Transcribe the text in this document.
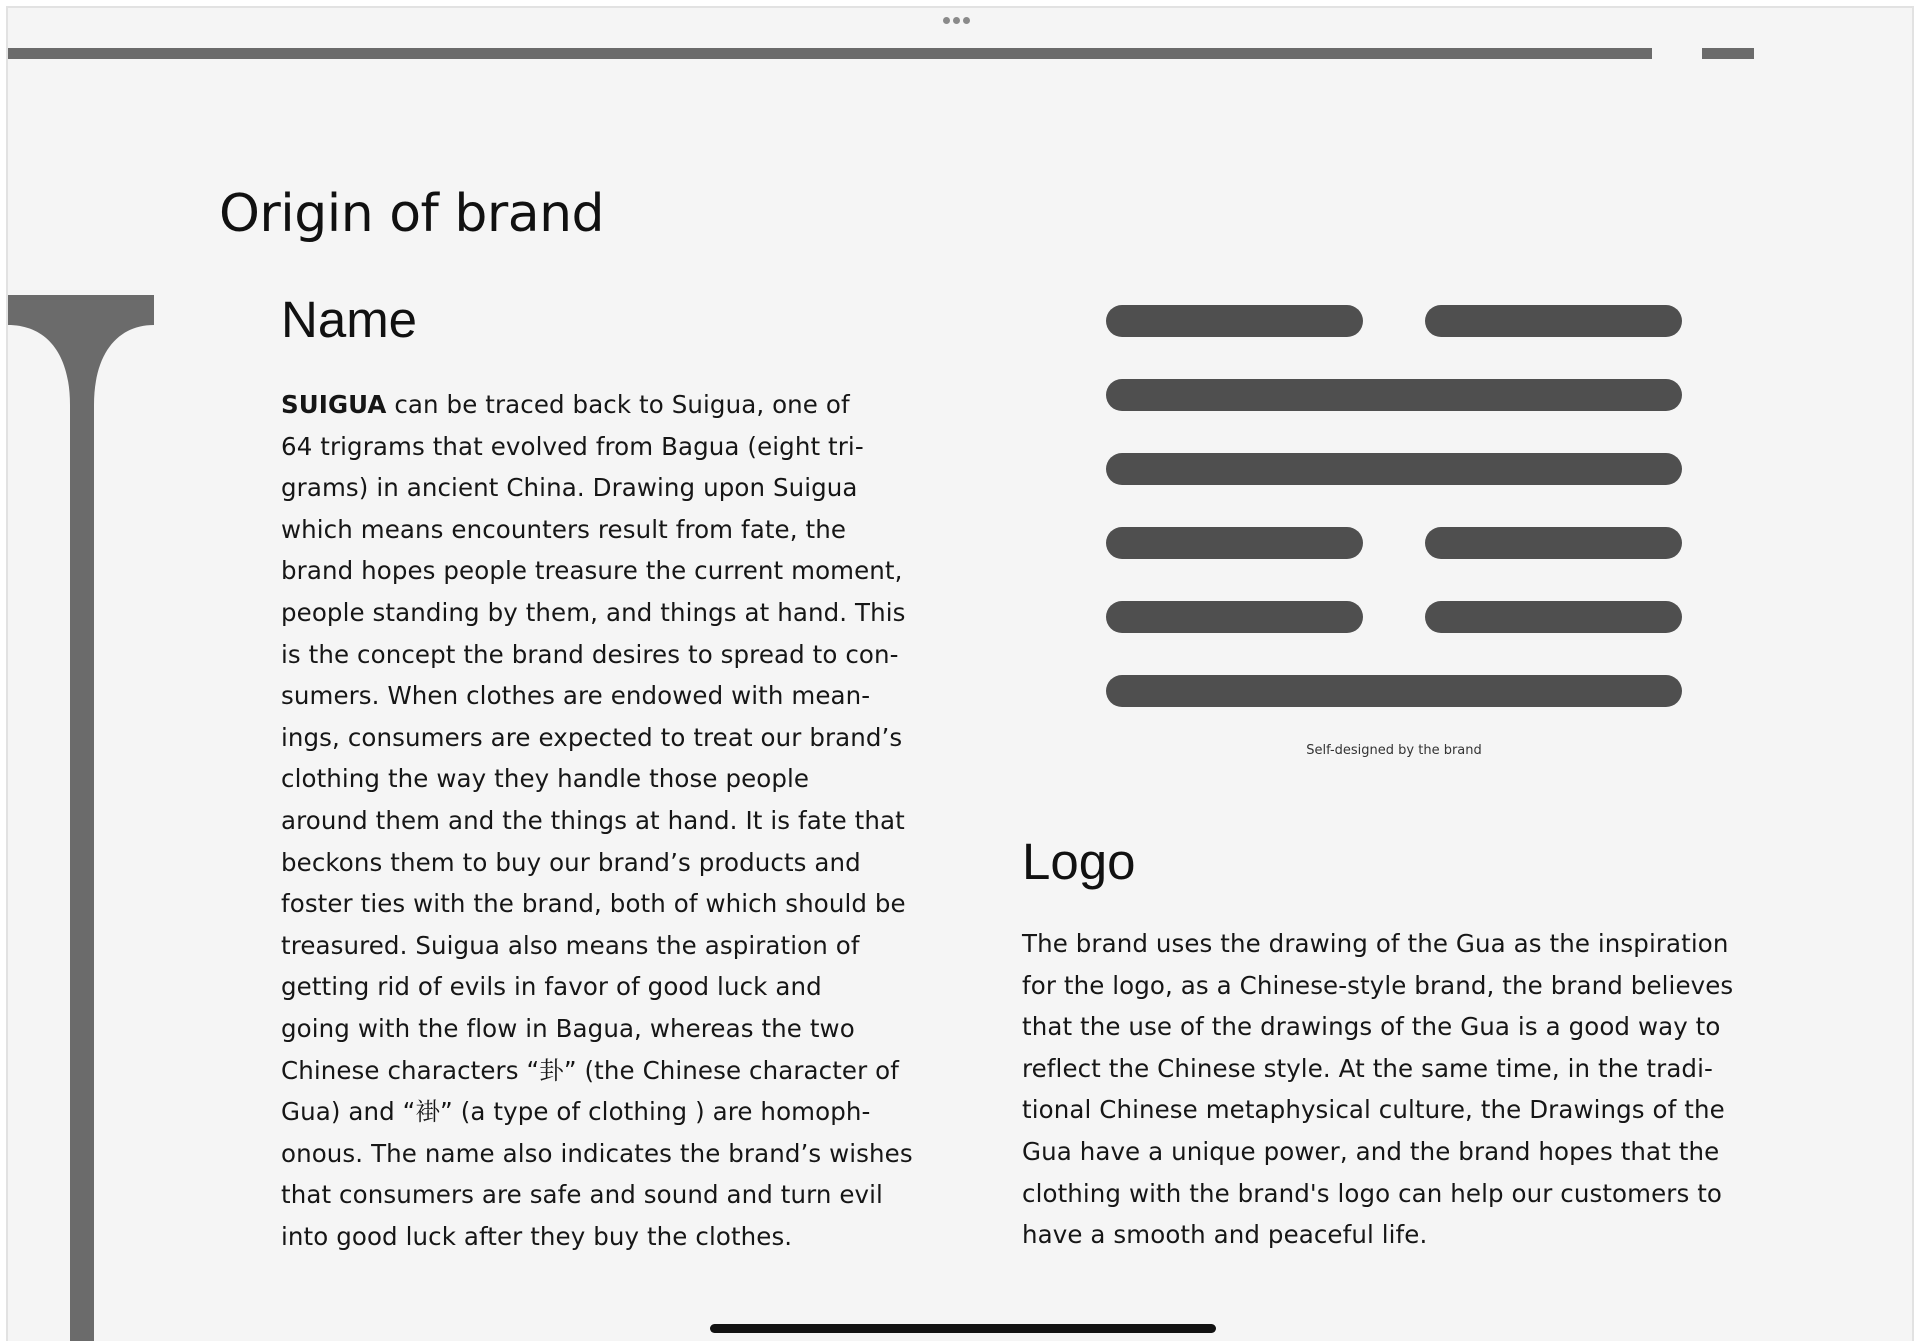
Origin of brand
Name
SUIGUA can be traced back to Suigua, one of
64 trigrams that evolved from Bagua (eight tri-
grams) in ancient China. Drawing upon Suigua
which means encounters result from fate, the
brand hopes people treasure the current moment,
people standing by them, and things at hand. This
is the concept the brand desires to spread to con-
sumers. When clothes are endowed with mean-
ings, consumers are expected to treat our brand’s
clothing the way they handle those people
around them and the things at hand. It is fate that
beckons them to buy our brand’s products and
foster ties with the brand, both of which should be
treasured. Suigua also means the aspiration of
getting rid of evils in favor of good luck and
going with the flow in Bagua, whereas the two
Chinese characters “卦” (the Chinese character of
Gua) and “褂” (a type of clothing ) are homoph-
onous. The name also indicates the brand’s wishes
that consumers are safe and sound and turn evil
into good luck after they buy the clothes.

Self-designed by the brand

Logo
The brand uses the drawing of the Gua as the inspiration
for the logo, as a Chinese-style brand, the brand believes
that the use of the drawings of the Gua is a good way to
reflect the Chinese style. At the same time, in the tradi-
tional Chinese metaphysical culture, the Drawings of the
Gua have a unique power, and the brand hopes that the
clothing with the brand's logo can help our customers to
have a smooth and peaceful life.
